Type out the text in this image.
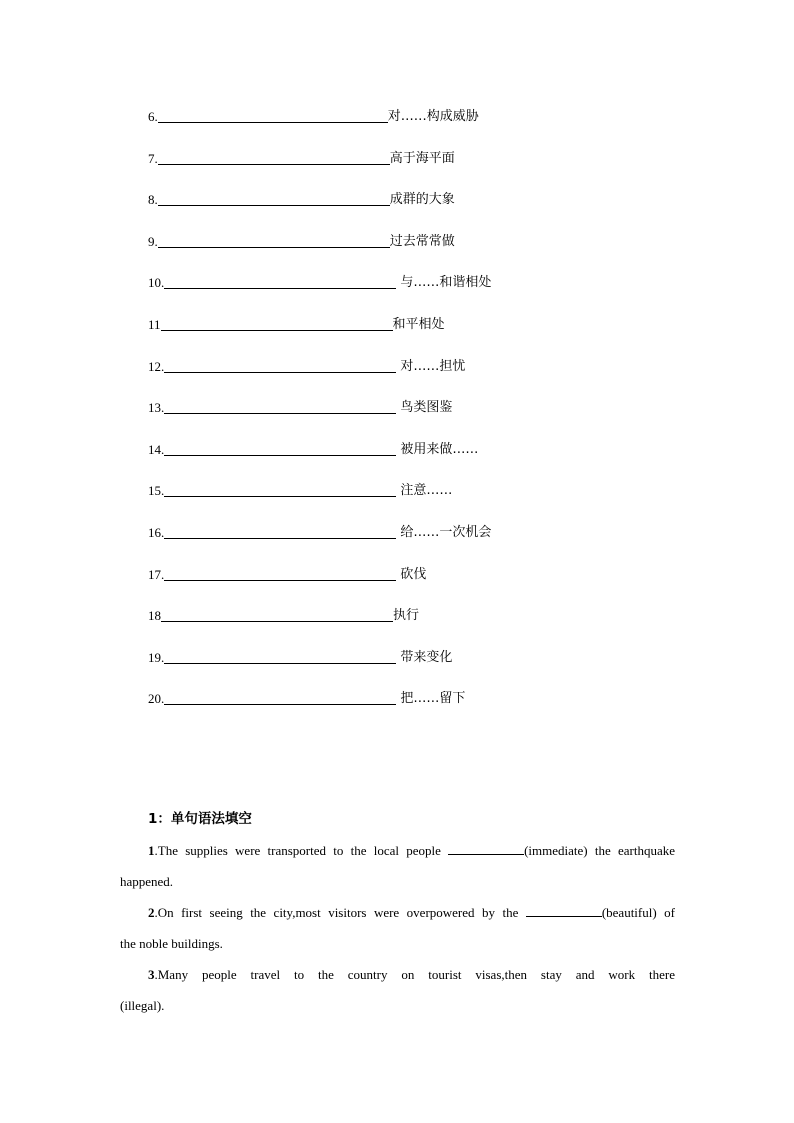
6.	对……构成威胁
7.	高于海平面
8.	成群的大象
9.	过去常常做
10.	与……和谐相处
11	和平相处
12.	对……担忧
13.	鸟类图鉴
14.	被用来做……
15.	注意……
16.	给……一次机会
17.	砍伐
18	执行
19.	带来变化
20.	把……留下
1：单句语法填空
1.The supplies were transported to the local people	(immediate) the earthquake
happened.
2.On first seeing the city,most visitors were overpowered by the	(beautiful) of
the noble buildings.
3.Many people travel to the country on tourist visas,then stay and work there
(illegal).
